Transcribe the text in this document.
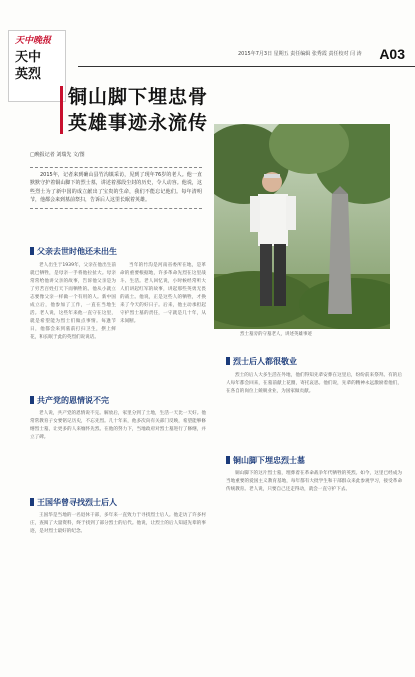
天中晚报
天中
英烈
2015年7月3日 星期五 责任编辑 张秀霞 责任校对 闫 涛 A03
铜山脚下埋忠骨
英雄事迹永流传
□晚报记者 刘瑞先 文/图

2015年，记者来到确山县竹沟镇采访，见到了现年76岁的老人。他一直默默守护着铜山脚下的烈士墓，讲述着那段尘封的历史，令人动容。他说，这些烈士为了新中国的成立献出了宝贵的生命，我们不能忘记他们。每年清明节，他都会来到墓前祭扫，告诉后人这里长眠着英雄。

烈士墓旁的守墓老人，讲述英雄事迹
父亲去世时他还未出生

老人出生于1939年，父亲在他出生前就已牺牲，是母亲一手将他拉扯大。母亲常常给他讲父亲的故事，告诉他父亲是为了穷苦百姓打天下而牺牲的。他从小就立志要像父亲一样做一个有用的人。新中国成立后，他参加了工作，一直在当地生活。老人说，这些年来他一直守在这里，就是希望能为烈士们做点事情。每逢节日，他都会来到墓前打扫卫生，摆上鲜花，和长眠于此的英烈们说说话。

当年的竹沟是河南省委所在地，是革命的重要根据地，许多革命先烈在这里战斗、生活。老人回忆说，小时候经常听大人们讲起红军的故事，讲起那些英勇无畏的战士。他说，正是这些人的牺牲，才换来了今天的好日子。后来，他主动承担起守护烈士墓的责任，一守就是几十年，从未间断。

共产党的恩情说不完

老人说，共产党的恩情说不完。解放后，家里分到了土地，生活一天比一天好。他常常教育子女要铭记历史，不忘先烈。几十年来，他多次向有关部门反映，希望能够修缮烈士墓，让更多的人来缅怀先烈。在他的努力下，当地政府对烈士墓进行了修缮，并立了碑。

王国华曾寻找烈士后人

王国华是当地的一名退休干部，多年来一直致力于寻找烈士后人。他走访了许多村庄，查阅了大量资料，终于找到了部分烈士的后代。他说，让烈士的后人知道先辈的事迹，是对烈士最好的纪念。

烈士后人都很敬业

烈士的后人大多生活在外地，他们得知先辈安葬在这里后，纷纷前来祭拜。有的后人每年都会回来，在墓前献上花圈，寄托哀思。他们说，先辈的精神永远激励着他们，在各自的岗位上兢兢业业，为国家做贡献。

铜山脚下埋忠烈士墓

铜山脚下的这片烈士墓，埋葬着在革命战争年代牺牲的英烈。如今，这里已经成为当地重要的爱国主义教育基地，每年都有大批学生和干部群众来此参观学习，接受革命传统教育。老人说，只要自己还走得动，就会一直守护下去。
